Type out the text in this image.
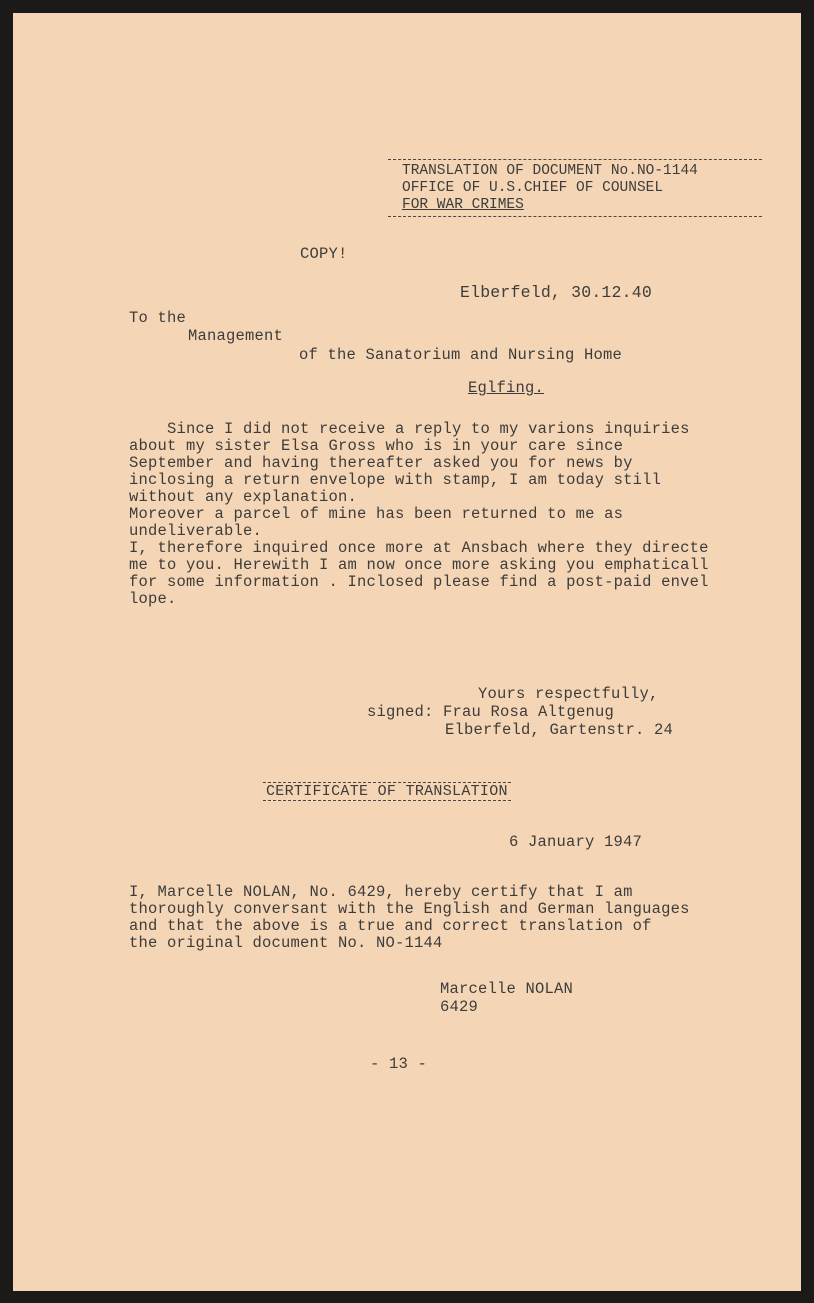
TRANSLATION OF DOCUMENT No.NO-1144
OFFICE OF U.S.CHIEF OF COUNSEL
FOR WAR CRIMES
COPY!
Elberfeld, 30.12.40
To the
Management
of the Sanatorium and Nursing Home
Eglfing.
Since I did not receive a reply to my varions inquiries
about my sister Elsa Gross who is in your care since
September and having thereafter asked you for news by
inclosing a return envelope with stamp, I am today still
without any explanation.
Moreover a parcel of mine has been returned to me as
undeliverable.
I, therefore inquired once more at Ansbach where they directe
me to you. Herewith I am now once more asking you emphaticall
for some information . Inclosed please find a post-paid envel
lope.
Yours respectfully,
signed: Frau Rosa Altgenug
Elberfeld, Gartenstr. 24
CERTIFICATE OF TRANSLATION
6 January 1947
I, Marcelle NOLAN, No. 6429, hereby certify that I am
thoroughly conversant with the English and German languages
and that the above is a true and correct translation of
the original document No. NO-1144
Marcelle NOLAN
6429
- 13 -
